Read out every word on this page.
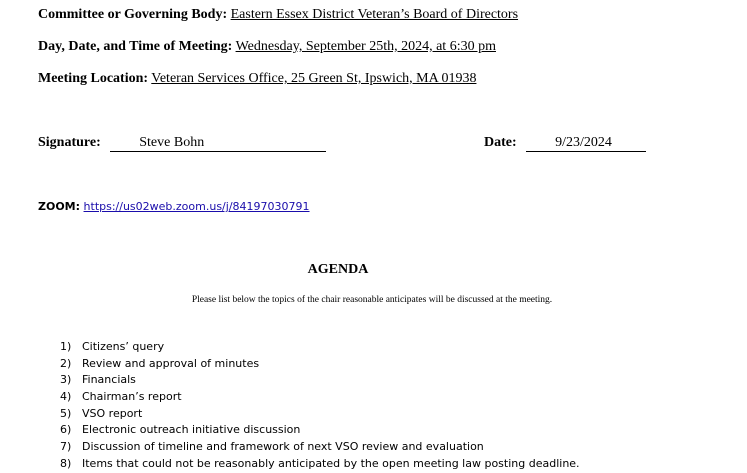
Committee or Governing Body: Eastern Essex District Veteran’s Board of Directors
Day, Date, and Time of Meeting: Wednesday, September 25th, 2024, at 6:30 pm
Meeting Location: Veteran Services Office, 25 Green St, Ipswich, MA 01938
Signature:	Steve Bohn	Date:	9/23/2024
ZOOM: https://us02web.zoom.us/j/84197030791
AGENDA
Please list below the topics of the chair reasonable anticipates will be discussed at the meeting.
1) Citizens’ query
2) Review and approval of minutes
3) Financials
4) Chairman’s report
5) VSO report
6) Electronic outreach initiative discussion
7) Discussion of timeline and framework of next VSO review and evaluation
8) Items that could not be reasonably anticipated by the open meeting law posting deadline.
